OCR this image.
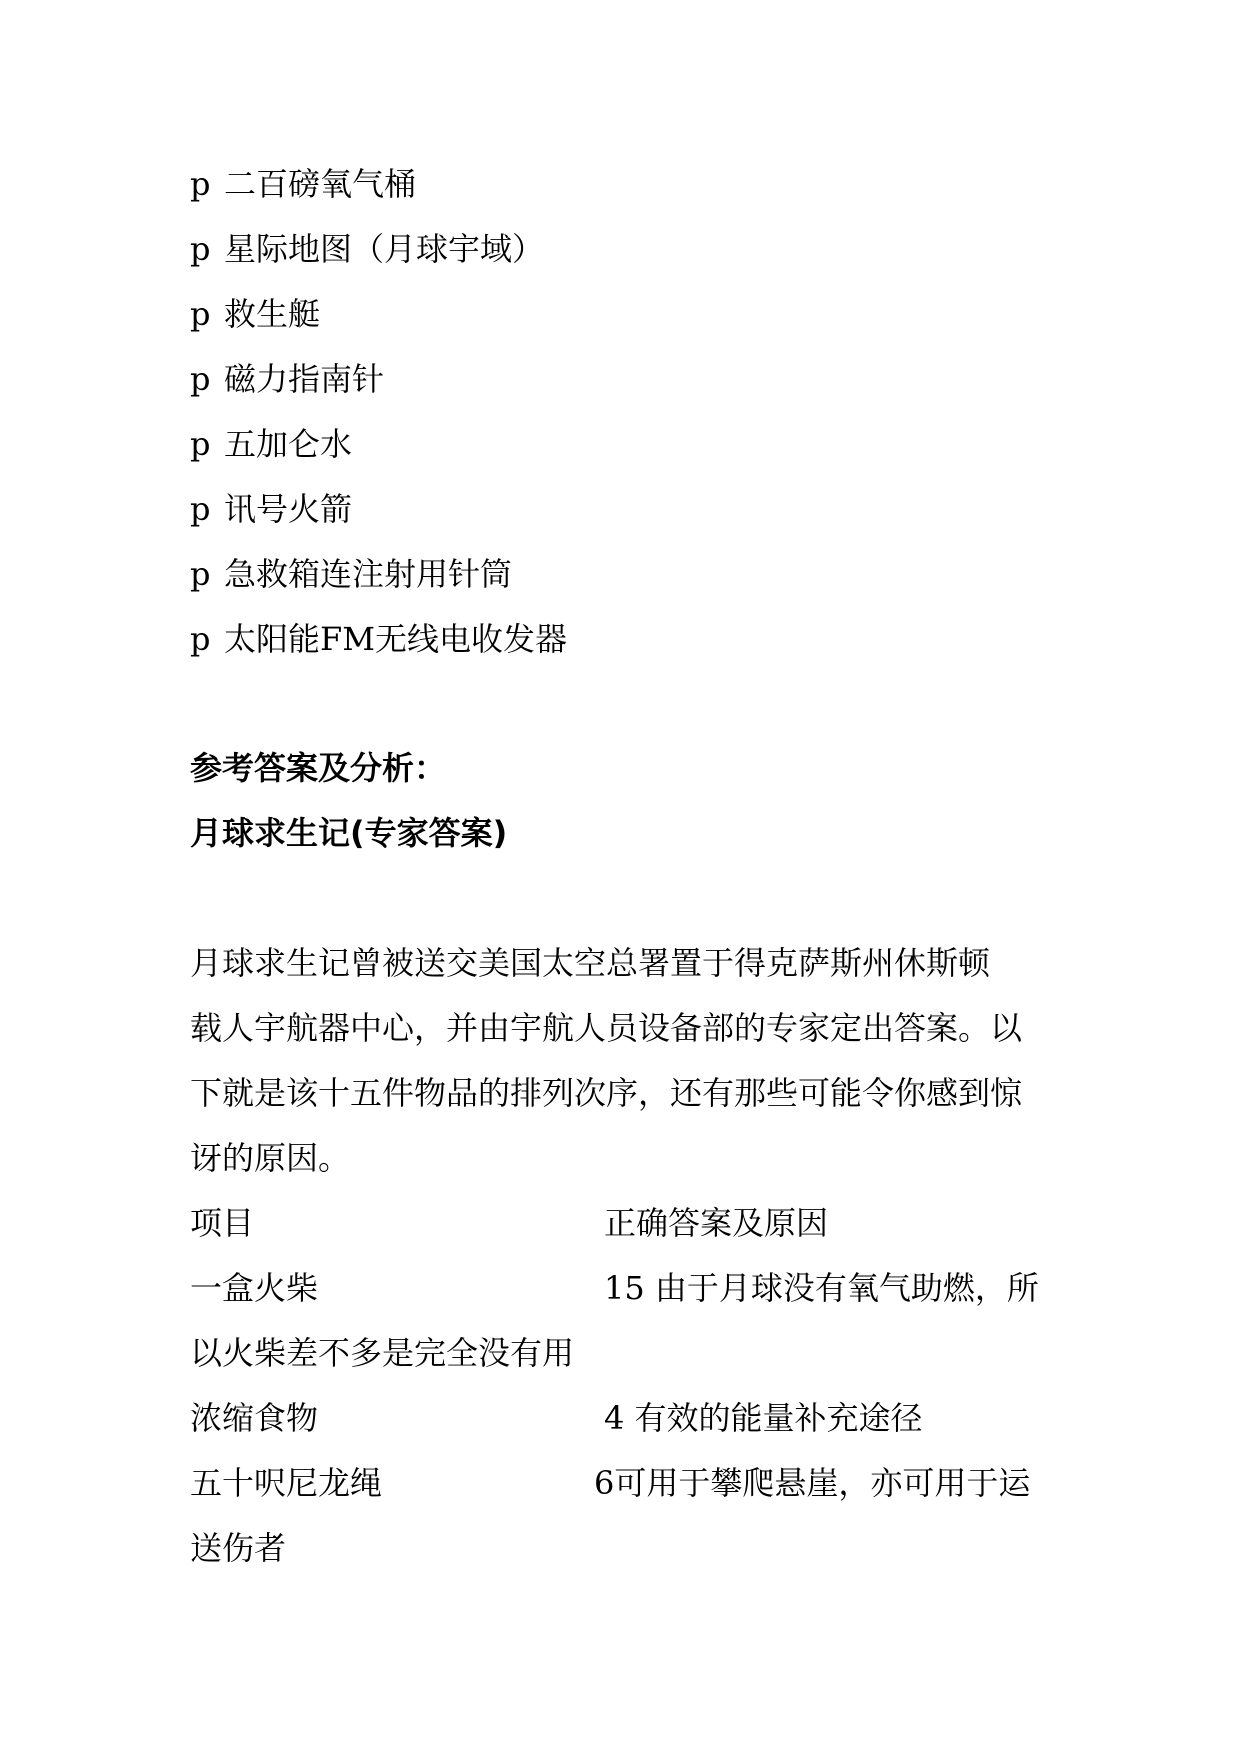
p 二百磅氧气桶
p 星际地图（月球宇域）
p 救生艇
p 磁力指南针
p 五加仑水
p 讯号火箭
p 急救箱连注射用针筒
p 太阳能FM无线电收发器
参考答案及分析：
月球求生记(专家答案)
月球求生记曾被送交美国太空总署置于得克萨斯州休斯顿
载人宇航器中心，并由宇航人员设备部的专家定出答案。以
下就是该十五件物品的排列次序，还有那些可能令你感到惊
讶的原因。
项目	正确答案及原因
一盒火柴	15 由于月球没有氧气助燃，所
以火柴差不多是完全没有用
浓缩食物	4 有效的能量补充途径
五十呎尼龙绳	6可用于攀爬悬崖，亦可用于运
送伤者
